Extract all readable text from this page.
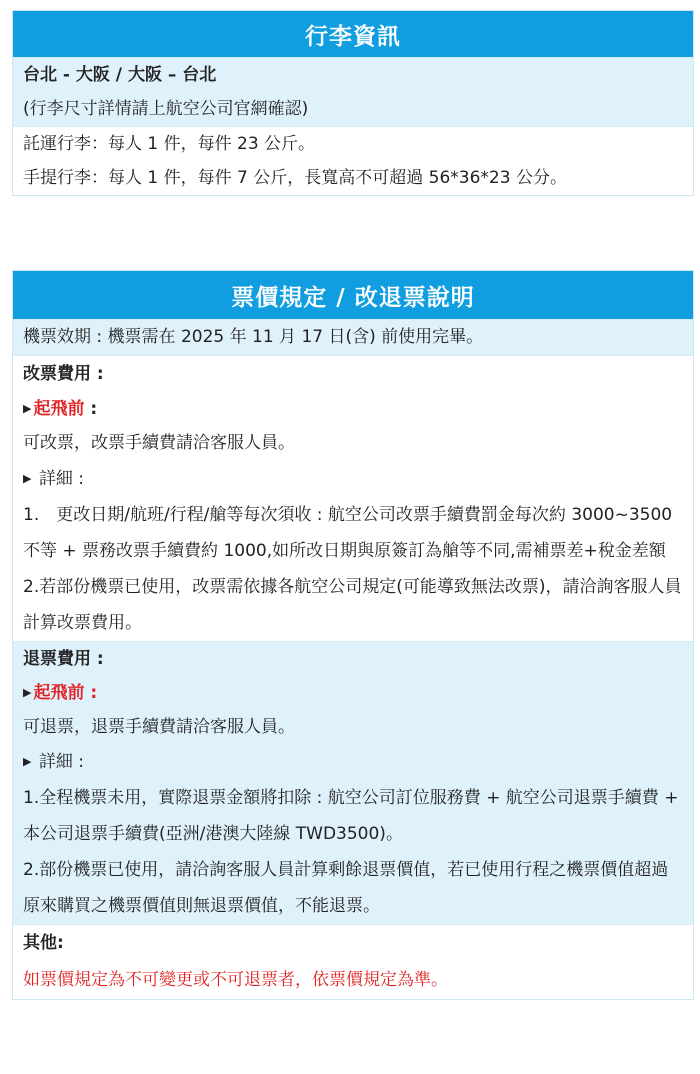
行李資訊
台北 - 大阪 / 大阪 – 台北
(行李尺寸詳情請上航空公司官網確認)
託運行李：每人 1 件，每件 23 公斤。
手提行李：每人 1 件，每件 7 公斤，長寬高不可超過 56*36*23 公分。
票價規定 / 改退票說明
機票效期 : 機票需在 2025 年 11 月 17 日(含) 前使用完畢。
改票費用 :
▶ 起飛前 :
可改票，改票手續費請洽客服人員。
▶ 詳細 :
1.　更改日期/航班/行程/艙等每次須收 : 航空公司改票手續費罰金每次約 3000~3500 不等 + 票務改票手續費約 1000,如所改日期與原簽訂為艙等不同,需補票差+稅金差額
2.若部份機票已使用，改票需依據各航空公司規定(可能導致無法改票)，請洽詢客服人員計算改票費用。
退票費用 :
▶ 起飛前 :
可退票，退票手續費請洽客服人員。
▶ 詳細 :
1.全程機票未用，實際退票金額將扣除 : 航空公司訂位服務費 + 航空公司退票手續費 + 本公司退票手續費(亞洲/港澳大陸線 TWD3500)。
2.部份機票已使用，請洽詢客服人員計算剩餘退票價值，若已使用行程之機票價值超過原來購買之機票價值則無退票價值，不能退票。
其他:
如票價規定為不可變更或不可退票者，依票價規定為準。
